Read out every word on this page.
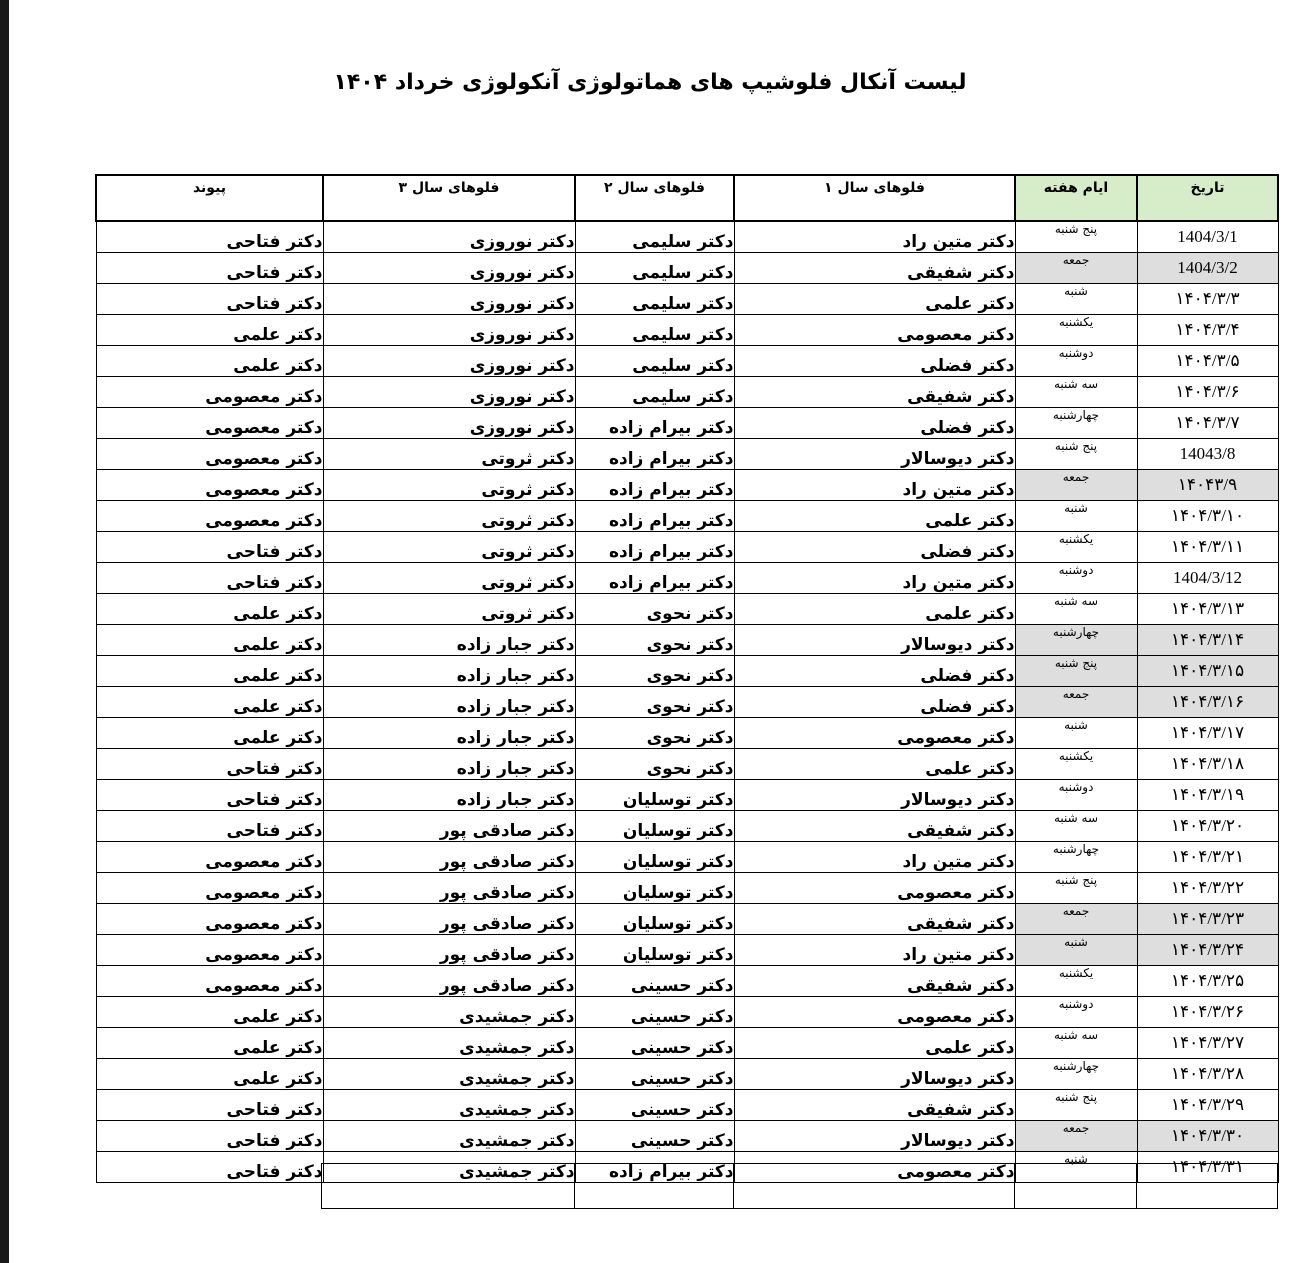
لیست آنکال فلوشیپ های هماتولوژی آنکولوژی خرداد ۱۴۰۴
تاریخ	ایام هفته	فلوهای سال ۱	فلوهای سال ۲	فلوهای سال ۳	پیوند
1404/3/1	پنج شنبه	دکتر متین راد	دکتر سلیمی	دکتر نوروزی	دکتر فتاحی
1404/3/2	جمعه	دکتر شفیقی	دکتر سلیمی	دکتر نوروزی	دکتر فتاحی
۱۴۰۴/۳/۳	شنبه	دکتر علمی	دکتر سلیمی	دکتر نوروزی	دکتر فتاحی
۱۴۰۴/۳/۴	یکشنبه	دکتر معصومی	دکتر سلیمی	دکتر نوروزی	دکتر علمی
۱۴۰۴/۳/۵	دوشنبه	دکتر فضلی	دکتر سلیمی	دکتر نوروزی	دکتر علمی
۱۴۰۴/۳/۶	سه شنبه	دکتر شفیقی	دکتر سلیمی	دکتر نوروزی	دکتر معصومی
۱۴۰۴/۳/۷	چهارشنبه	دکتر فضلی	دکتر بیرام زاده	دکتر نوروزی	دکتر معصومی
14043/8	پنج شنبه	دکتر دیوسالار	دکتر بیرام زاده	دکتر ثروتی	دکتر معصومی
۱۴۰۴۳/۹	جمعه	دکتر متین راد	دکتر بیرام زاده	دکتر ثروتی	دکتر معصومی
۱۴۰۴/۳/۱۰	شنبه	دکتر علمی	دکتر بیرام زاده	دکتر ثروتی	دکتر معصومی
۱۴۰۴/۳/۱۱	یکشنبه	دکتر فضلی	دکتر بیرام زاده	دکتر ثروتی	دکتر فتاحی
1404/3/12	دوشنبه	دکتر متین راد	دکتر بیرام زاده	دکتر ثروتی	دکتر فتاحی
۱۴۰۴/۳/۱۳	سه شنبه	دکتر علمی	دکتر نحوی	دکتر ثروتی	دکتر علمی
۱۴۰۴/۳/۱۴	چهارشنبه	دکتر دیوسالار	دکتر نحوی	دکتر جبار زاده	دکتر علمی
۱۴۰۴/۳/۱۵	پنج شنبه	دکتر فضلی	دکتر نحوی	دکتر جبار زاده	دکتر علمی
۱۴۰۴/۳/۱۶	جمعه	دکتر فضلی	دکتر نحوی	دکتر جبار زاده	دکتر علمی
۱۴۰۴/۳/۱۷	شنبه	دکتر معصومی	دکتر نحوی	دکتر جبار زاده	دکتر علمی
۱۴۰۴/۳/۱۸	یکشنبه	دکتر علمی	دکتر نحوی	دکتر جبار زاده	دکتر فتاحی
۱۴۰۴/۳/۱۹	دوشنبه	دکتر دیوسالار	دکتر توسلیان	دکتر جبار زاده	دکتر فتاحی
۱۴۰۴/۳/۲۰	سه شنبه	دکتر شفیقی	دکتر توسلیان	دکتر صادقی پور	دکتر فتاحی
۱۴۰۴/۳/۲۱	چهارشنبه	دکتر متین راد	دکتر توسلیان	دکتر صادقی پور	دکتر معصومی
۱۴۰۴/۳/۲۲	پنج شنبه	دکتر معصومی	دکتر توسلیان	دکتر صادقی پور	دکتر معصومی
۱۴۰۴/۳/۲۳	جمعه	دکتر شفیقی	دکتر توسلیان	دکتر صادقی پور	دکتر معصومی
۱۴۰۴/۳/۲۴	شنبه	دکتر متین راد	دکتر توسلیان	دکتر صادقی پور	دکتر معصومی
۱۴۰۴/۳/۲۵	یکشنبه	دکتر شفیقی	دکتر حسینی	دکتر صادقی پور	دکتر معصومی
۱۴۰۴/۳/۲۶	دوشنبه	دکتر معصومی	دکتر حسینی	دکتر جمشیدی	دکتر علمی
۱۴۰۴/۳/۲۷	سه شنبه	دکتر علمی	دکتر حسینی	دکتر جمشیدی	دکتر علمی
۱۴۰۴/۳/۲۸	چهارشنبه	دکتر دیوسالار	دکتر حسینی	دکتر جمشیدی	دکتر علمی
۱۴۰۴/۳/۲۹	پنج شنبه	دکتر شفیقی	دکتر حسینی	دکتر جمشیدی	دکتر فتاحی
۱۴۰۴/۳/۳۰	جمعه	دکتر دیوسالار	دکتر حسینی	دکتر جمشیدی	دکتر فتاحی
۱۴۰۴/۳/۳۱	شنبه	دکتر معصومی	دکتر بیرام زاده	دکتر جمشیدی	دکتر فتاحی
